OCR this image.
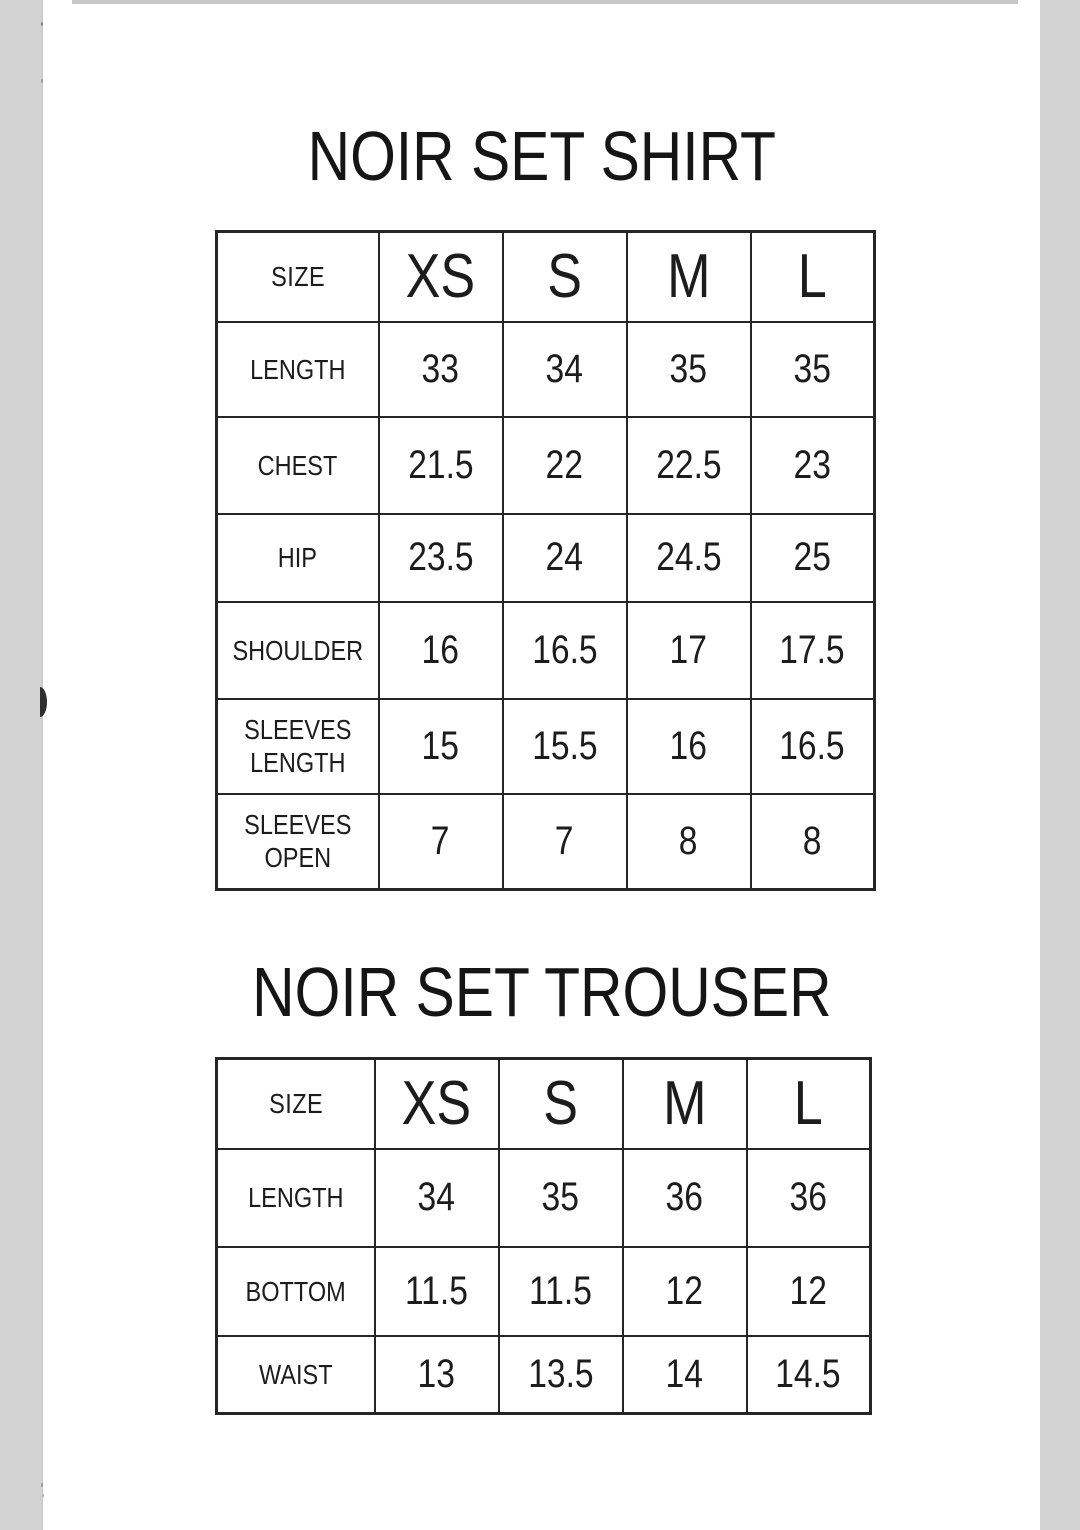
NOIR SET SHIRT
SIZE	XS	S	M	L
LENGTH	33	34	35	35
CHEST	21.5	22	22.5	23
HIP	23.5	24	24.5	25
SHOULDER	16	16.5	17	17.5
SLEEVES LENGTH	15	15.5	16	16.5
SLEEVES OPEN	7	7	8	8
NOIR SET TROUSER
SIZE	XS	S	M	L
LENGTH	34	35	36	36
BOTTOM	11.5	11.5	12	12
WAIST	13	13.5	14	14.5
